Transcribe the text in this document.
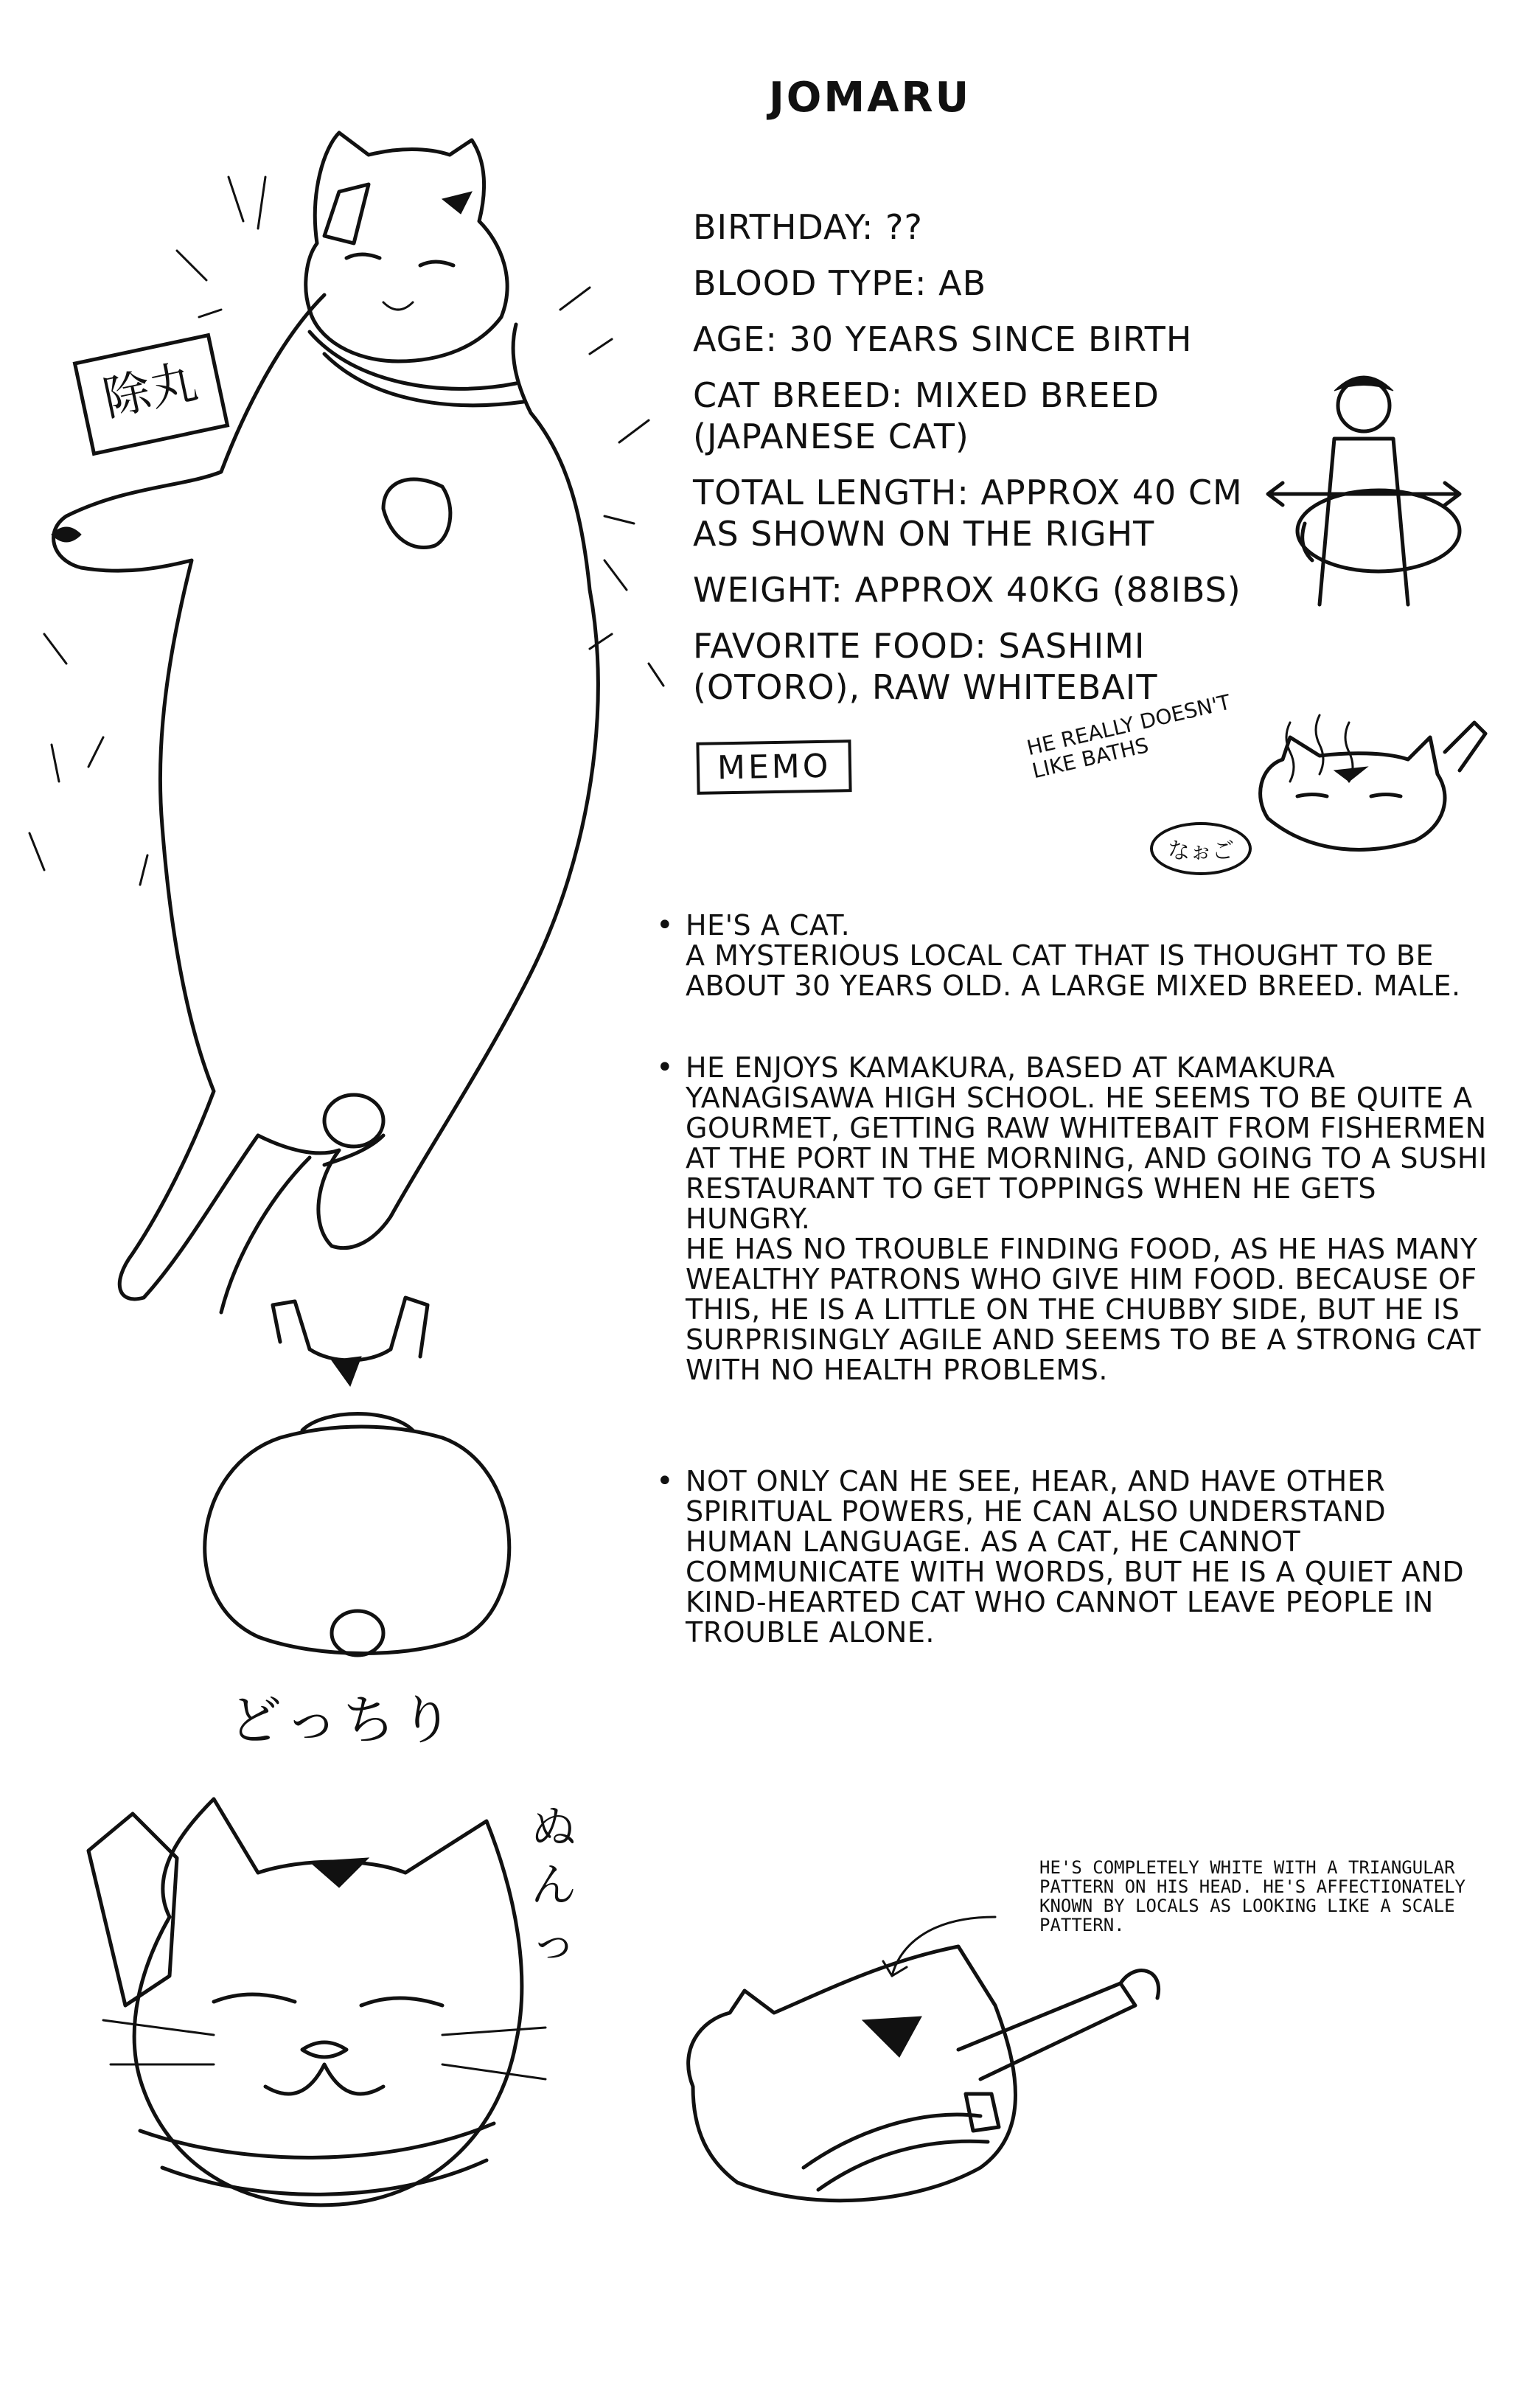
JOMARU
除丸
BIRTHDAY: ??
BLOOD TYPE: AB
AGE: 30 YEARS SINCE BIRTH
CAT BREED: MIXED BREED (JAPANESE CAT)
TOTAL LENGTH: APPROX 40 CM AS SHOWN ON THE RIGHT
WEIGHT: APPROX 40KG (88IBS)
FAVORITE FOOD: SASHIMI (OTORO), RAW WHITEBAIT
MEMO
HE REALLY DOESN'T LIKE BATHS
なぉご
• HE'S A CAT.
A MYSTERIOUS LOCAL CAT THAT IS THOUGHT TO BE ABOUT 30 YEARS OLD. A LARGE MIXED BREED. MALE.
• HE ENJOYS KAMAKURA, BASED AT KAMAKURA YANAGISAWA HIGH SCHOOL. HE SEEMS TO BE QUITE A GOURMET, GETTING RAW WHITEBAIT FROM FISHERMEN AT THE PORT IN THE MORNING, AND GOING TO A SUSHI RESTAURANT TO GET TOPPINGS WHEN HE GETS HUNGRY.
HE HAS NO TROUBLE FINDING FOOD, AS HE HAS MANY WEALTHY PATRONS WHO GIVE HIM FOOD. BECAUSE OF THIS, HE IS A LITTLE ON THE CHUBBY SIDE, BUT HE IS SURPRISINGLY AGILE AND SEEMS TO BE A STRONG CAT WITH NO HEALTH PROBLEMS.
• NOT ONLY CAN HE SEE, HEAR, AND HAVE OTHER SPIRITUAL POWERS, HE CAN ALSO UNDERSTAND HUMAN LANGUAGE. AS A CAT, HE CANNOT COMMUNICATE WITH WORDS, BUT HE IS A QUIET AND KIND-HEARTED CAT WHO CANNOT LEAVE PEOPLE IN TROUBLE ALONE.
どっちり
ぬんっ
HE'S COMPLETELY WHITE WITH A TRIANGULAR PATTERN ON HIS HEAD. HE'S AFFECTIONATELY KNOWN BY LOCALS AS LOOKING LIKE A SCALE PATTERN.
